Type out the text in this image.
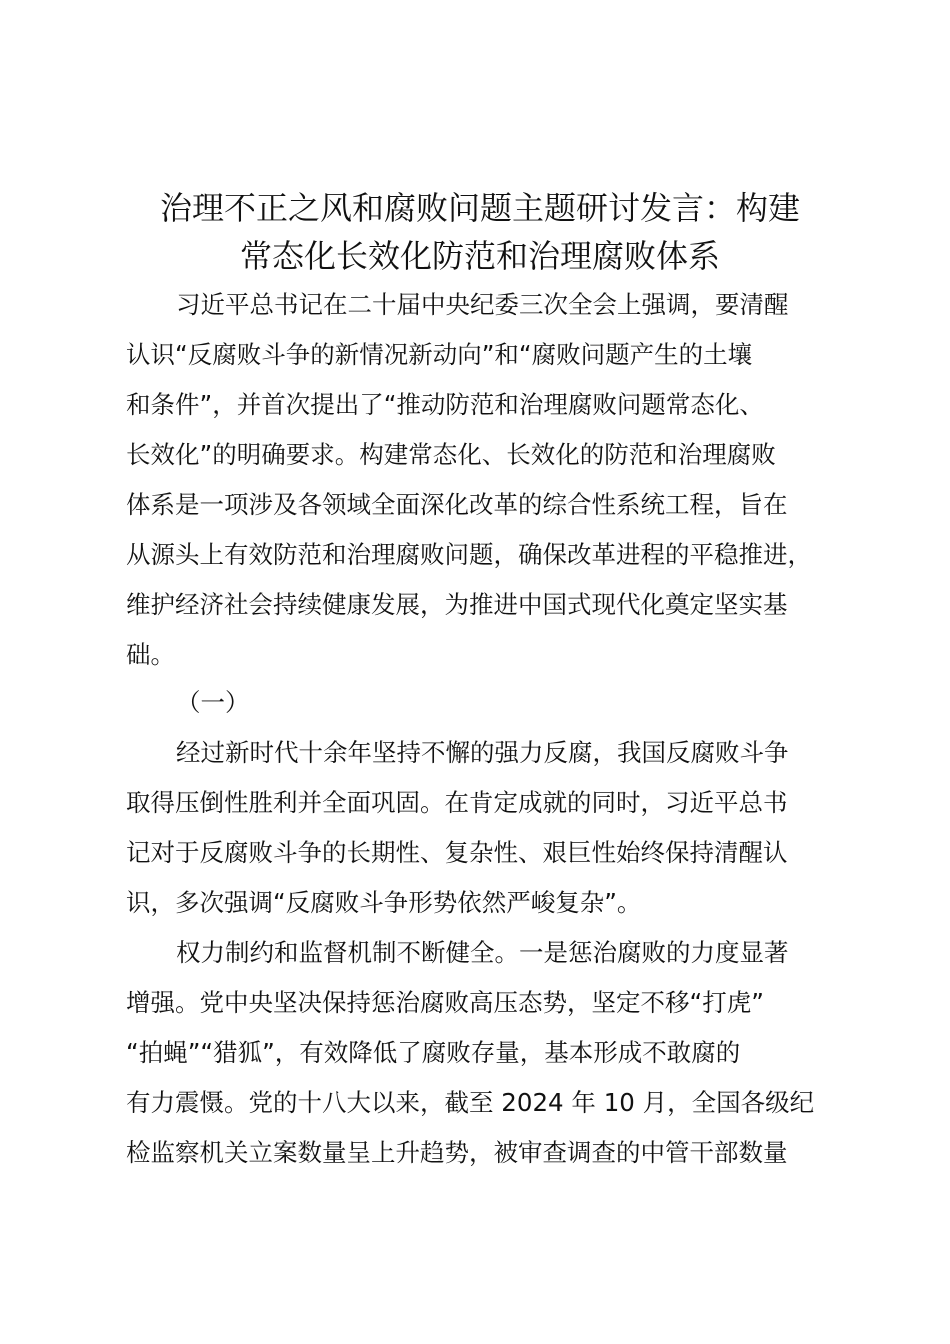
治理不正之风和腐败问题主题研讨发言：构建
常态化长效化防范和治理腐败体系
习近平总书记在二十届中央纪委三次全会上强调，要清醒
认识“反腐败斗争的新情况新动向”和“腐败问题产生的土壤
和条件”，并首次提出了“推动防范和治理腐败问题常态化、
长效化”的明确要求。构建常态化、长效化的防范和治理腐败
体系是一项涉及各领域全面深化改革的综合性系统工程，旨在
从源头上有效防范和治理腐败问题，确保改革进程的平稳推进，
维护经济社会持续健康发展，为推进中国式现代化奠定坚实基
础。
（一）
经过新时代十余年坚持不懈的强力反腐，我国反腐败斗争
取得压倒性胜利并全面巩固。在肯定成就的同时，习近平总书
记对于反腐败斗争的长期性、复杂性、艰巨性始终保持清醒认
识，多次强调“反腐败斗争形势依然严峻复杂”。
权力制约和监督机制不断健全。一是惩治腐败的力度显著
增强。党中央坚决保持惩治腐败高压态势，坚定不移“打虎”
“拍蝇”“猎狐”，有效降低了腐败存量，基本形成不敢腐的
有力震慑。党的十八大以来，截至 2024 年 10 月，全国各级纪
检监察机关立案数量呈上升趋势，被审查调查的中管干部数量
